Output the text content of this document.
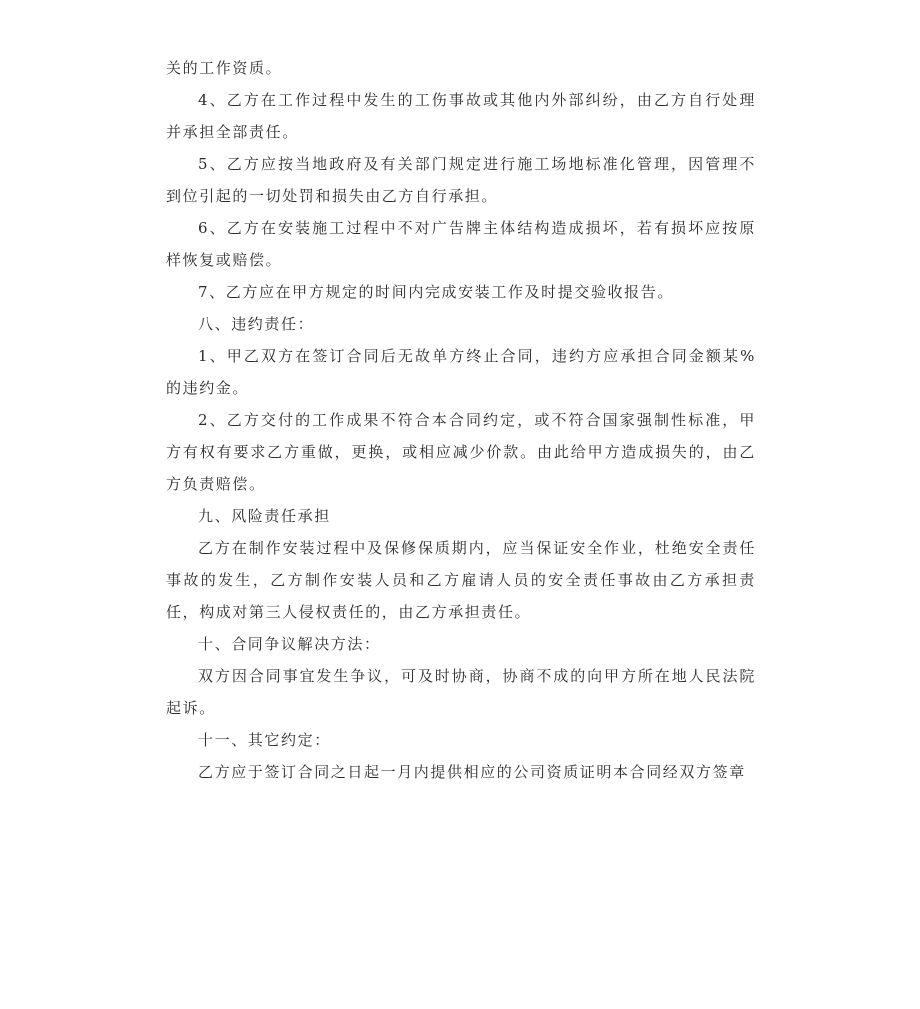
关的工作资质。

4、乙方在工作过程中发生的工伤事故或其他内外部纠纷，由乙方自行处理并承担全部责任。

5、乙方应按当地政府及有关部门规定进行施工场地标准化管理，因管理不到位引起的一切处罚和损失由乙方自行承担。

6、乙方在安装施工过程中不对广告牌主体结构造成损坏，若有损坏应按原样恢复或赔偿。

7、乙方应在甲方规定的时间内完成安装工作及时提交验收报告。

八、违约责任：

1、甲乙双方在签订合同后无故单方终止合同，违约方应承担合同金额某%的违约金。

2、乙方交付的工作成果不符合本合同约定，或不符合国家强制性标准，甲方有权有要求乙方重做，更换，或相应减少价款。由此给甲方造成损失的，由乙方负责赔偿。

九、风险责任承担

乙方在制作安装过程中及保修保质期内，应当保证安全作业，杜绝安全责任事故的发生，乙方制作安装人员和乙方雇请人员的安全责任事故由乙方承担责任，构成对第三人侵权责任的，由乙方承担责任。

十、合同争议解决方法：

双方因合同事宜发生争议，可及时协商，协商不成的向甲方所在地人民法院起诉。

十一、其它约定：

乙方应于签订合同之日起一月内提供相应的公司资质证明本合同经双方签章
